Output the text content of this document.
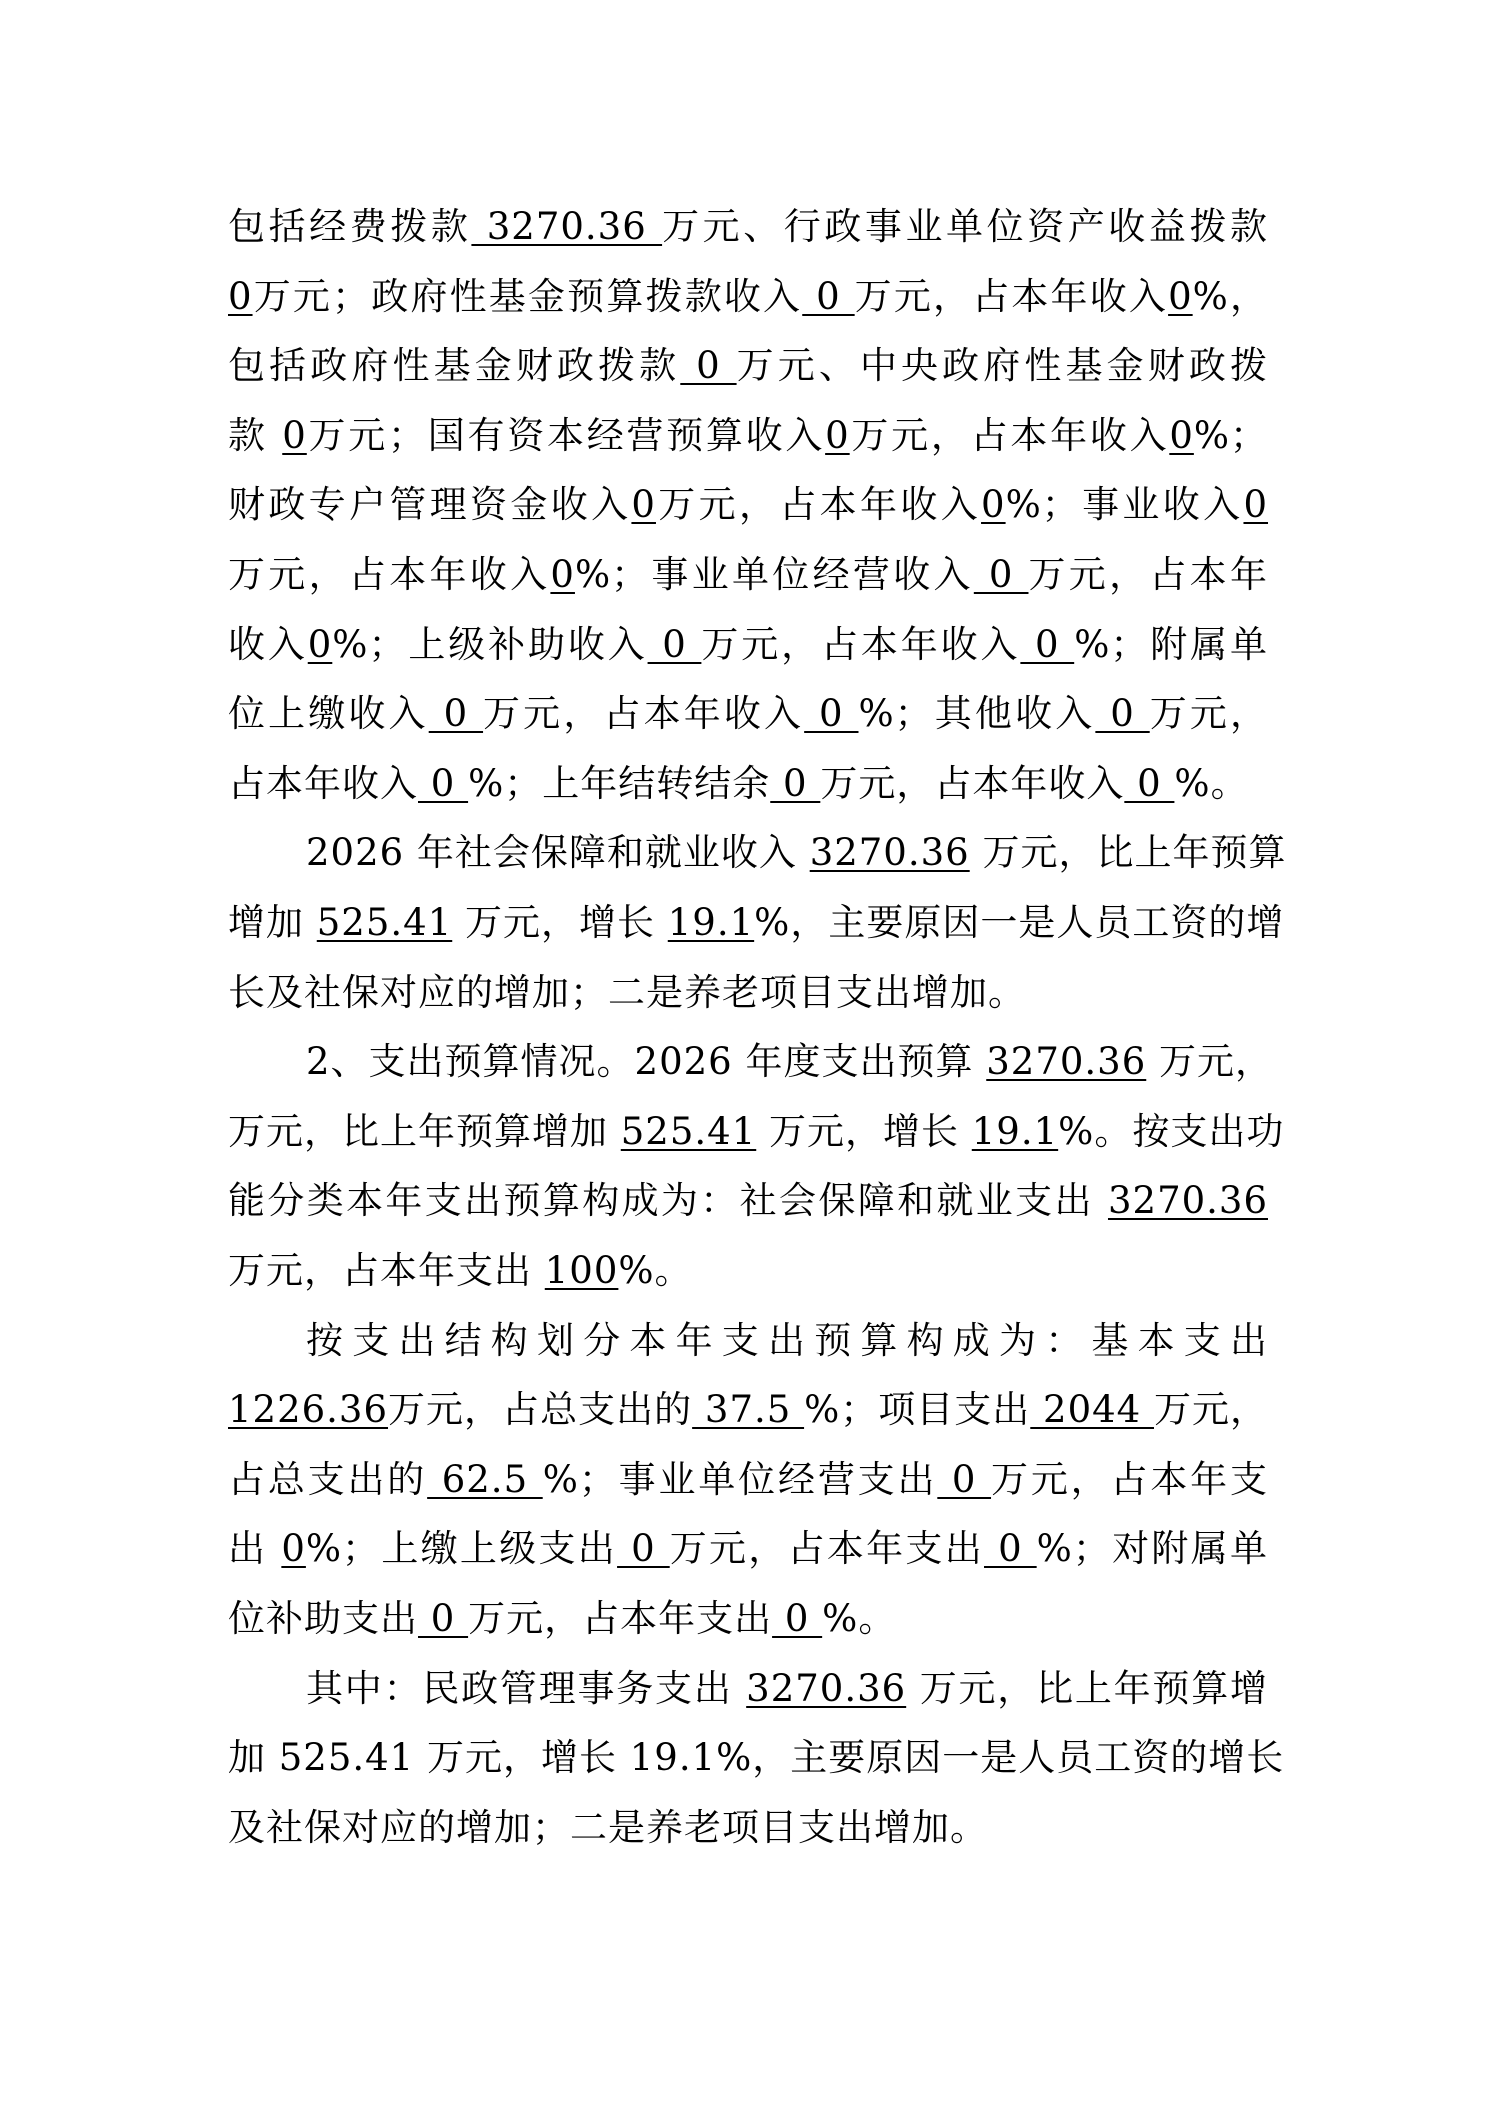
包括经费拨款 3270.36 万元、行政事业单位资产收益拨款
0万元；政府性基金预算拨款收入 0 万元，占本年收入0%，
包括政府性基金财政拨款 0 万元、中央政府性基金财政拨
款 0万元；国有资本经营预算收入0万元，占本年收入0%；
财政专户管理资金收入0万元，占本年收入0%；事业收入0
万元，占本年收入0%；事业单位经营收入 0 万元，占本年
收入0%；上级补助收入 0 万元，占本年收入 0 %；附属单
位上缴收入 0 万元，占本年收入 0 %；其他收入 0 万元，
占本年收入 0 %；上年结转结余 0 万元，占本年收入 0 %。
2026 年社会保障和就业收入 3270.36 万元，比上年预算
增加 525.41 万元，增长 19.1%，主要原因一是人员工资的增
长及社保对应的增加；二是养老项目支出增加。
2、支出预算情况。2026 年度支出预算 3270.36 万元，
万元，比上年预算增加 525.41 万元，增长 19.1%。按支出功
能分类本年支出预算构成为：社会保障和就业支出 3270.36
万元，占本年支出 100%。
按支出结构划分本年支出预算构成为：基本支出
1226.36万元，占总支出的 37.5 %；项目支出 2044 万元，
占总支出的 62.5 %；事业单位经营支出 0 万元，占本年支
出 0%；上缴上级支出 0 万元，占本年支出 0 %；对附属单
位补助支出 0 万元，占本年支出 0 %。
其中：民政管理事务支出 3270.36 万元，比上年预算增
加 525.41 万元，增长 19.1%，主要原因一是人员工资的增长
及社保对应的增加；二是养老项目支出增加。
